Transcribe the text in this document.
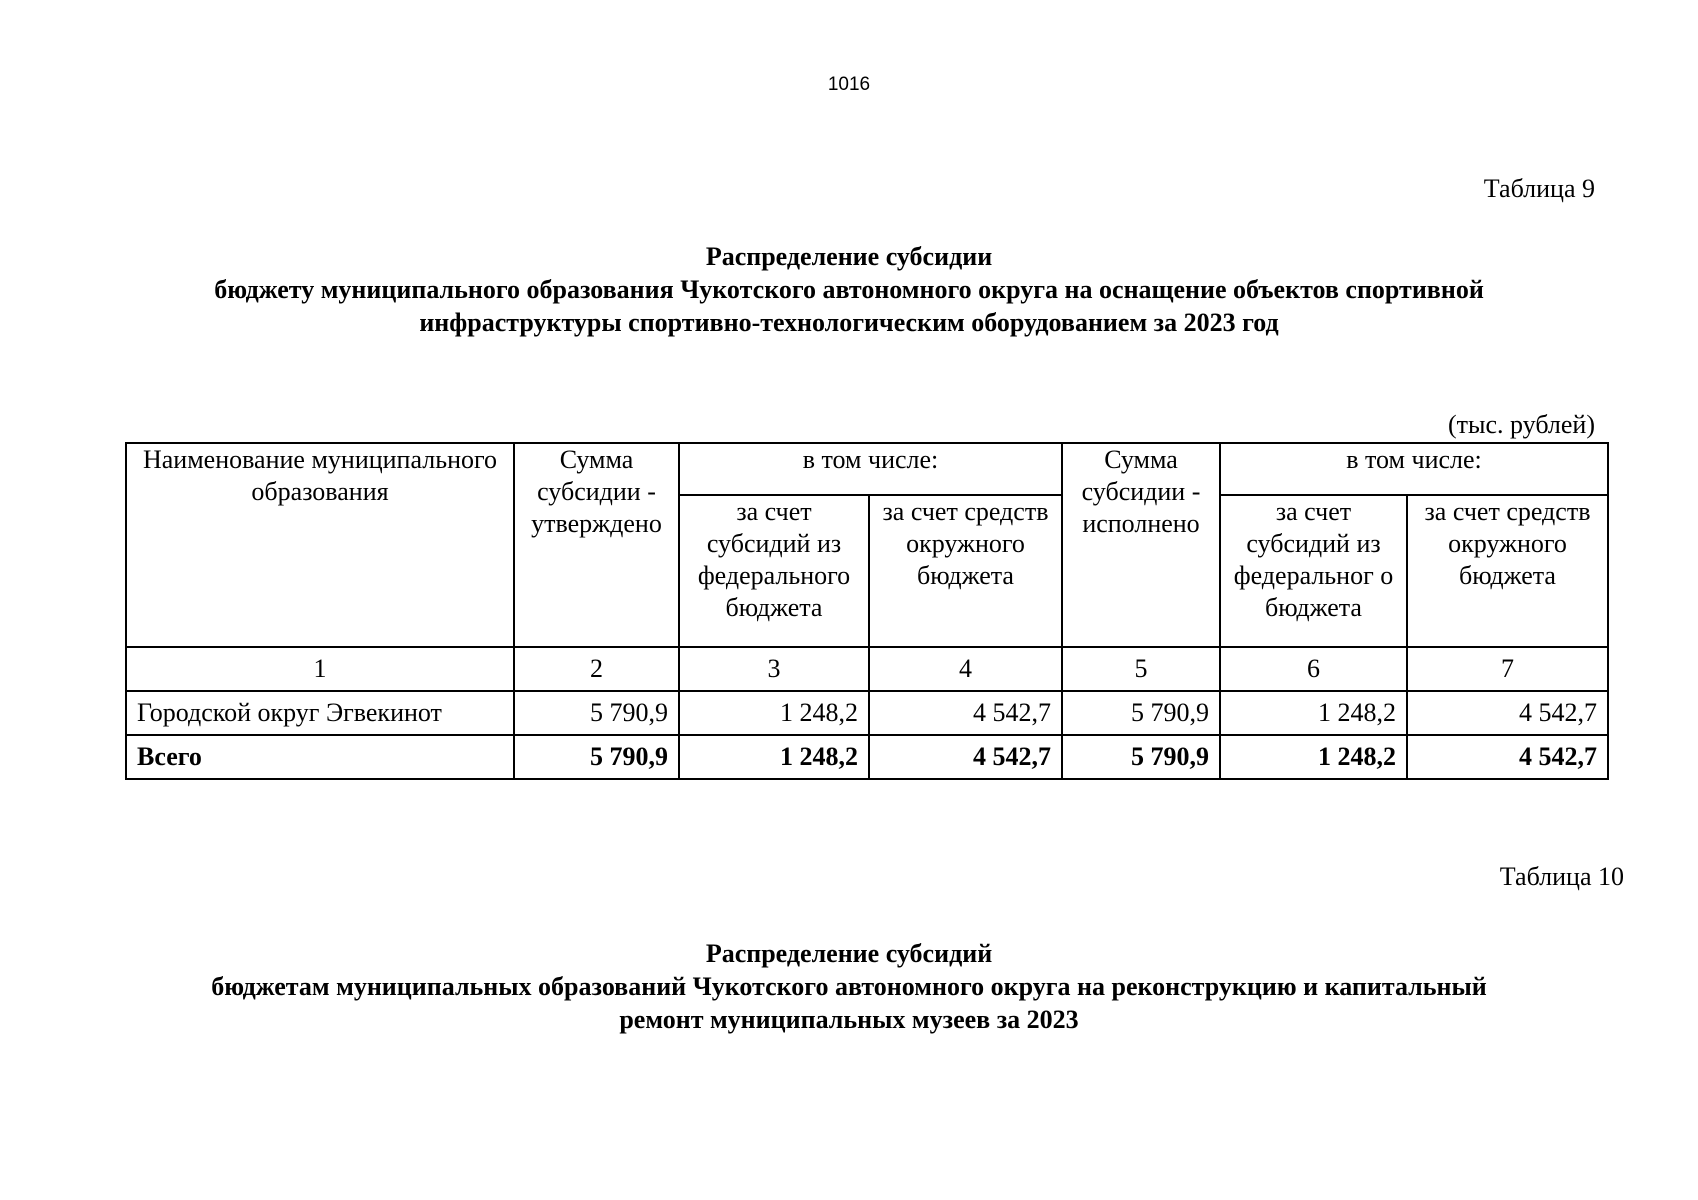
1016
Таблица 9
Распределение субсидии
бюджету муниципального образования Чукотского автономного округа на оснащение объектов спортивной
инфраструктуры спортивно-технологическим оборудованием за 2023 год
(тыс. рублей)
Наименование муниципального образования	Сумма субсидии - утверждено	в том числе:		Сумма субсидии - исполнено	в том числе:	
		за счет субсидий из федерального бюджета	за счет средств окружного бюджета		за счет субсидий из федеральног о бюджета	за счет средств окружного бюджета
1	2	3	4	5	6	7
Городской округ Эгвекинот	5 790,9	1 248,2	4 542,7	5 790,9	1 248,2	4 542,7
Всего	5 790,9	1 248,2	4 542,7	5 790,9	1 248,2	4 542,7
Таблица 10
Распределение субсидий
бюджетам муниципальных образований Чукотского автономного округа на реконструкцию и капитальный
ремонт муниципальных музеев за 2023
